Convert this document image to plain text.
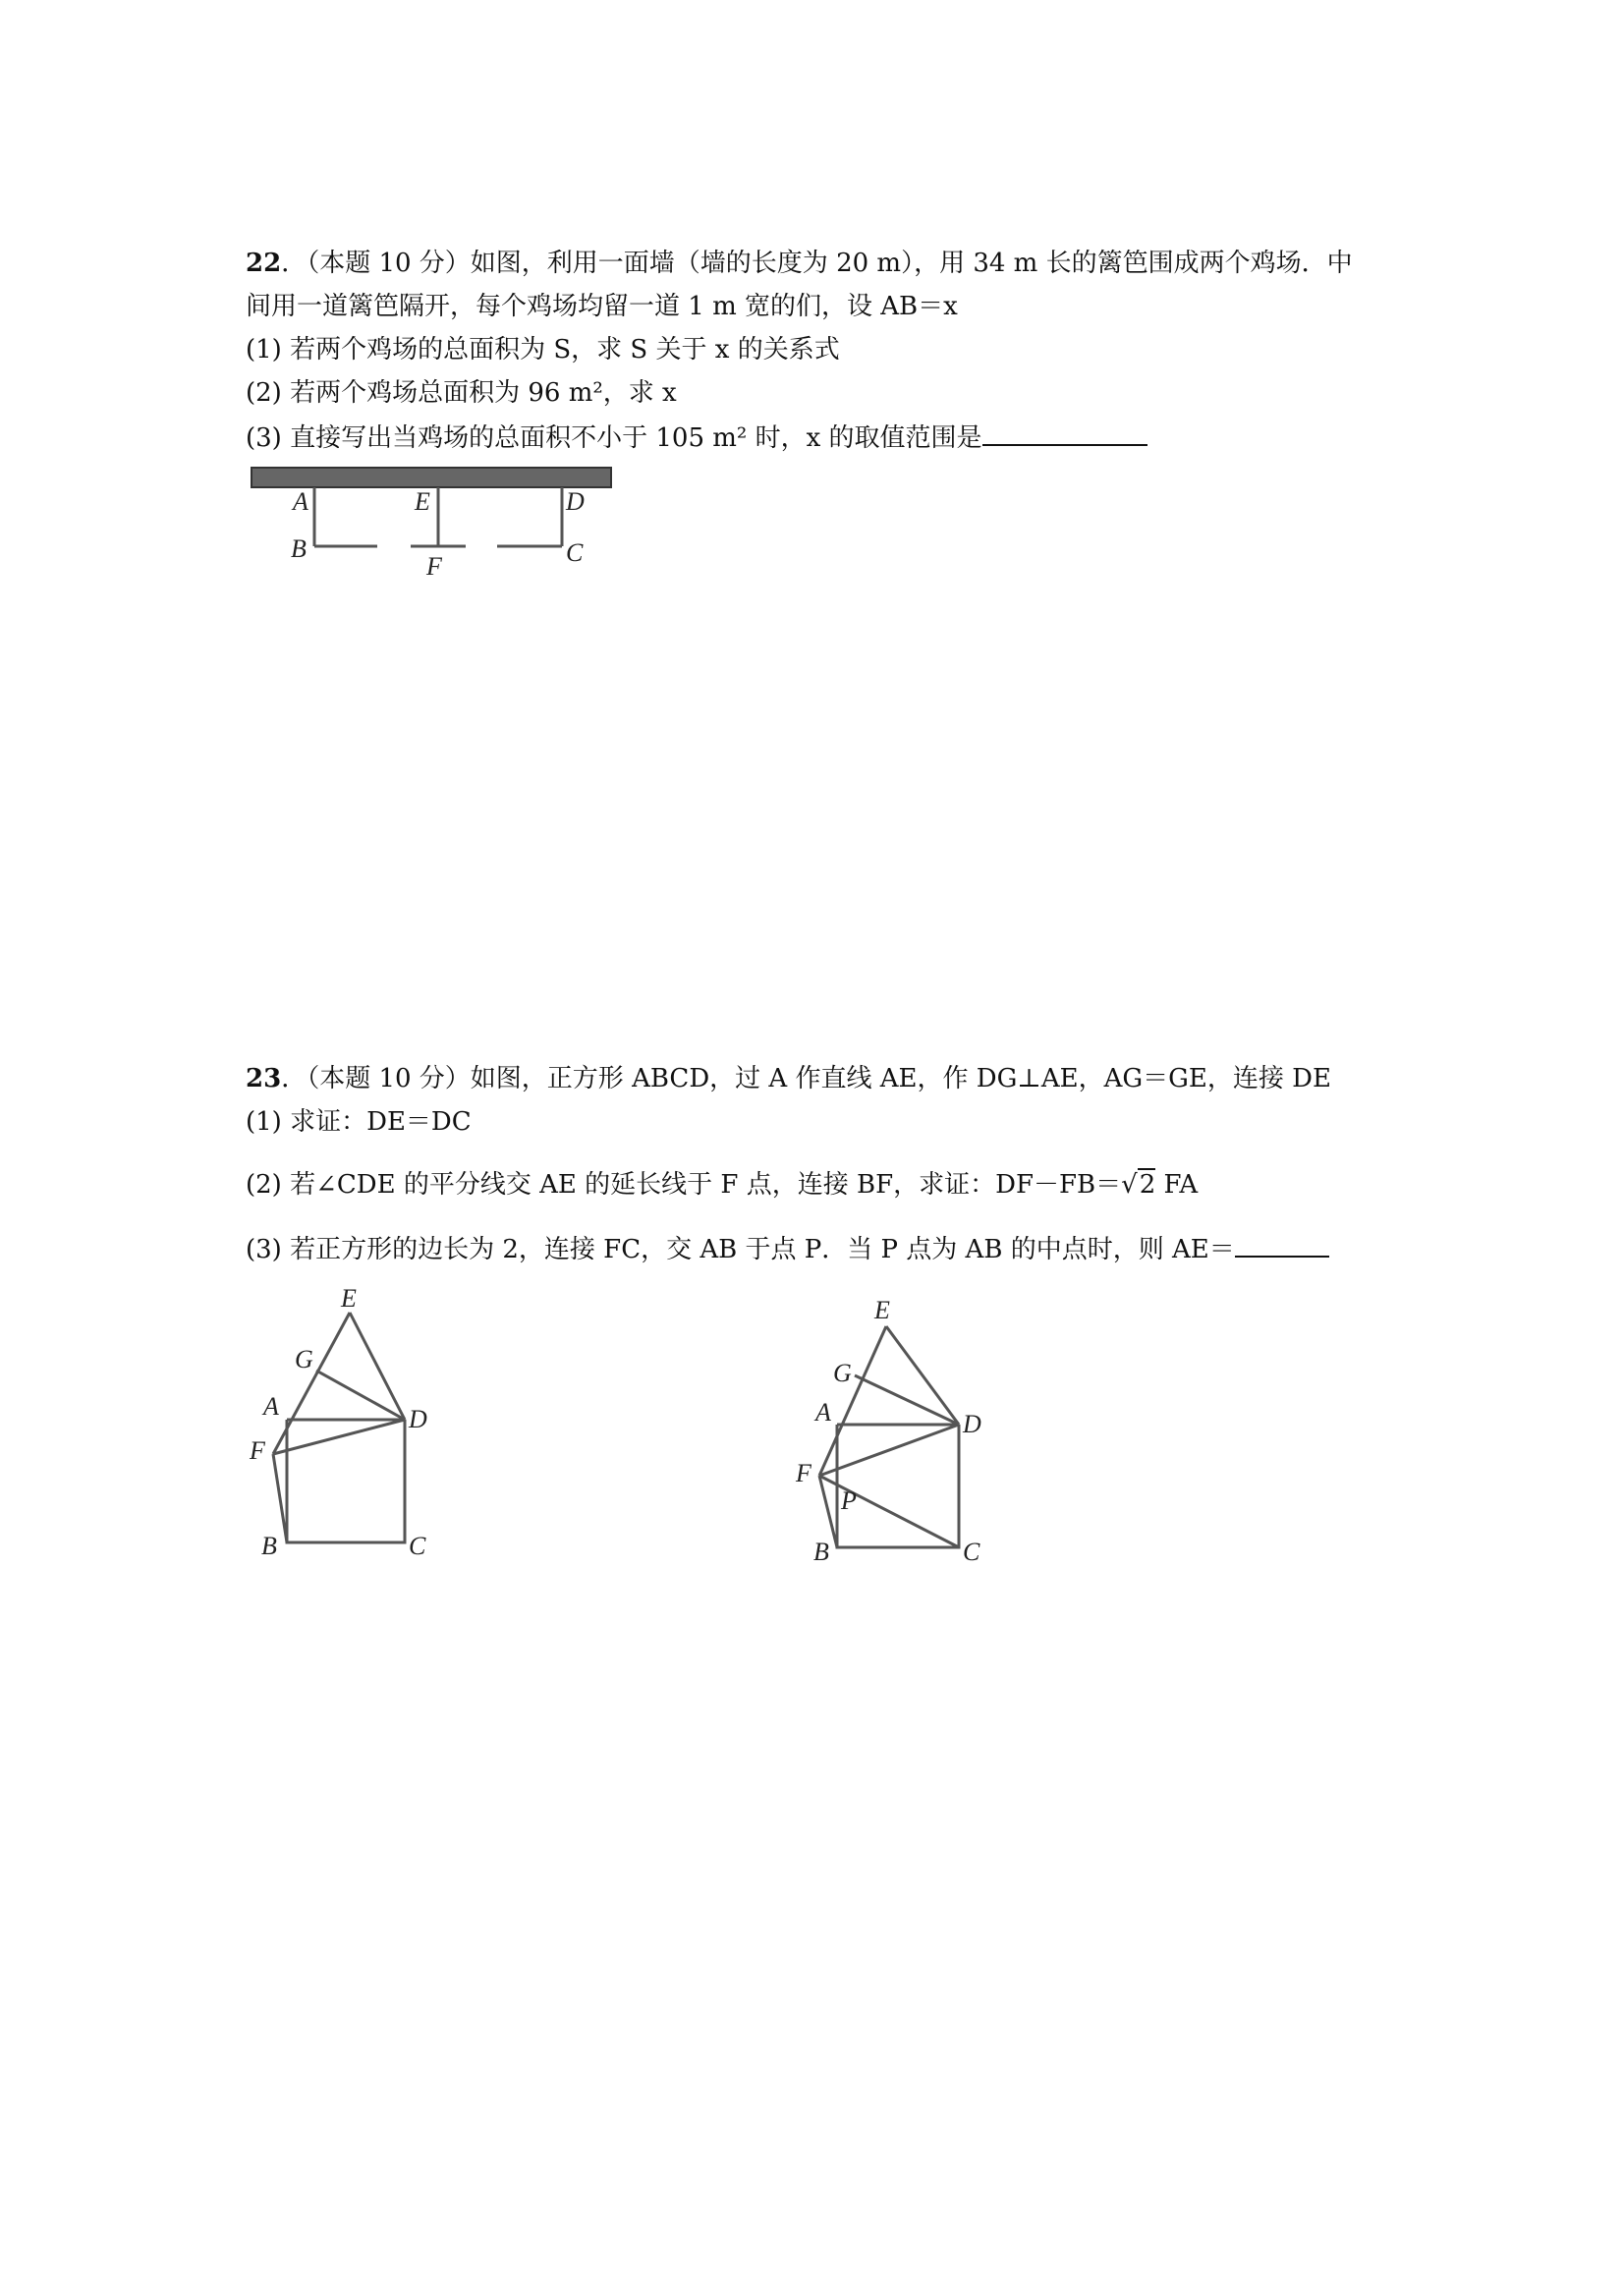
22．（本题 10 分）如图，利用一面墙（墙的长度为 20 m），用 34 m 长的篱笆围成两个鸡场．中
间用一道篱笆隔开，每个鸡场均留一道 1 m 宽的们，设 AB＝x
(1) 若两个鸡场的总面积为 S，求 S 关于 x 的关系式
(2) 若两个鸡场总面积为 96 m²，求 x
(3) 直接写出当鸡场的总面积不小于 105 m² 时，x 的取值范围是
A	E	D
B
F	C
23．（本题 10 分）如图，正方形 ABCD，过 A 作直线 AE，作 DG⊥AE，AG＝GE，连接 DE
(1) 求证：DE＝DC
(2) 若∠CDE 的平分线交 AE 的延长线于 F 点，连接 BF，求证：DF－FB＝√2 FA
(3) 若正方形的边长为 2，连接 FC，交 AB 于点 P．当 P 点为 AB 的中点时，则 AE＝
E
G
A	D
F
B	C
E
G
A	D
F
P
B	C
